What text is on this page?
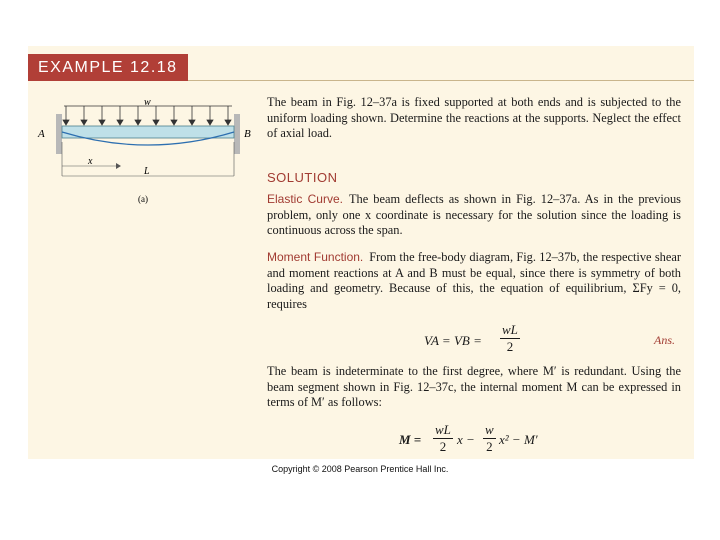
EXAMPLE 12.18
w
A	B
x
L
(a)

The beam in Fig. 12–37a is fixed supported at both ends and is subjected to the uniform loading shown. Determine the reactions at the supports. Neglect the effect of axial load.

SOLUTION

Elastic Curve. The beam deflects as shown in Fig. 12–37a. As in the previous problem, only one x coordinate is necessary for the solution since the loading is continuous across the span.

Moment Function. From the free-body diagram, Fig. 12–37b, the respective shear and moment reactions at A and B must be equal, since there is symmetry of both loading and geometry. Because of this, the equation of equilibrium, ΣFy = 0, requires

VA = VB = $\frac{wL}{2}$	Ans.

The beam is indeterminate to the first degree, where M′ is redundant. Using the beam segment shown in Fig. 12–37c, the internal moment M can be expressed in terms of M′ as follows:

$M = \frac{wL}{2}$ $x - \frac{w}{2} x^2 - M'$
Copyright © 2008 Pearson Prentice Hall Inc.
